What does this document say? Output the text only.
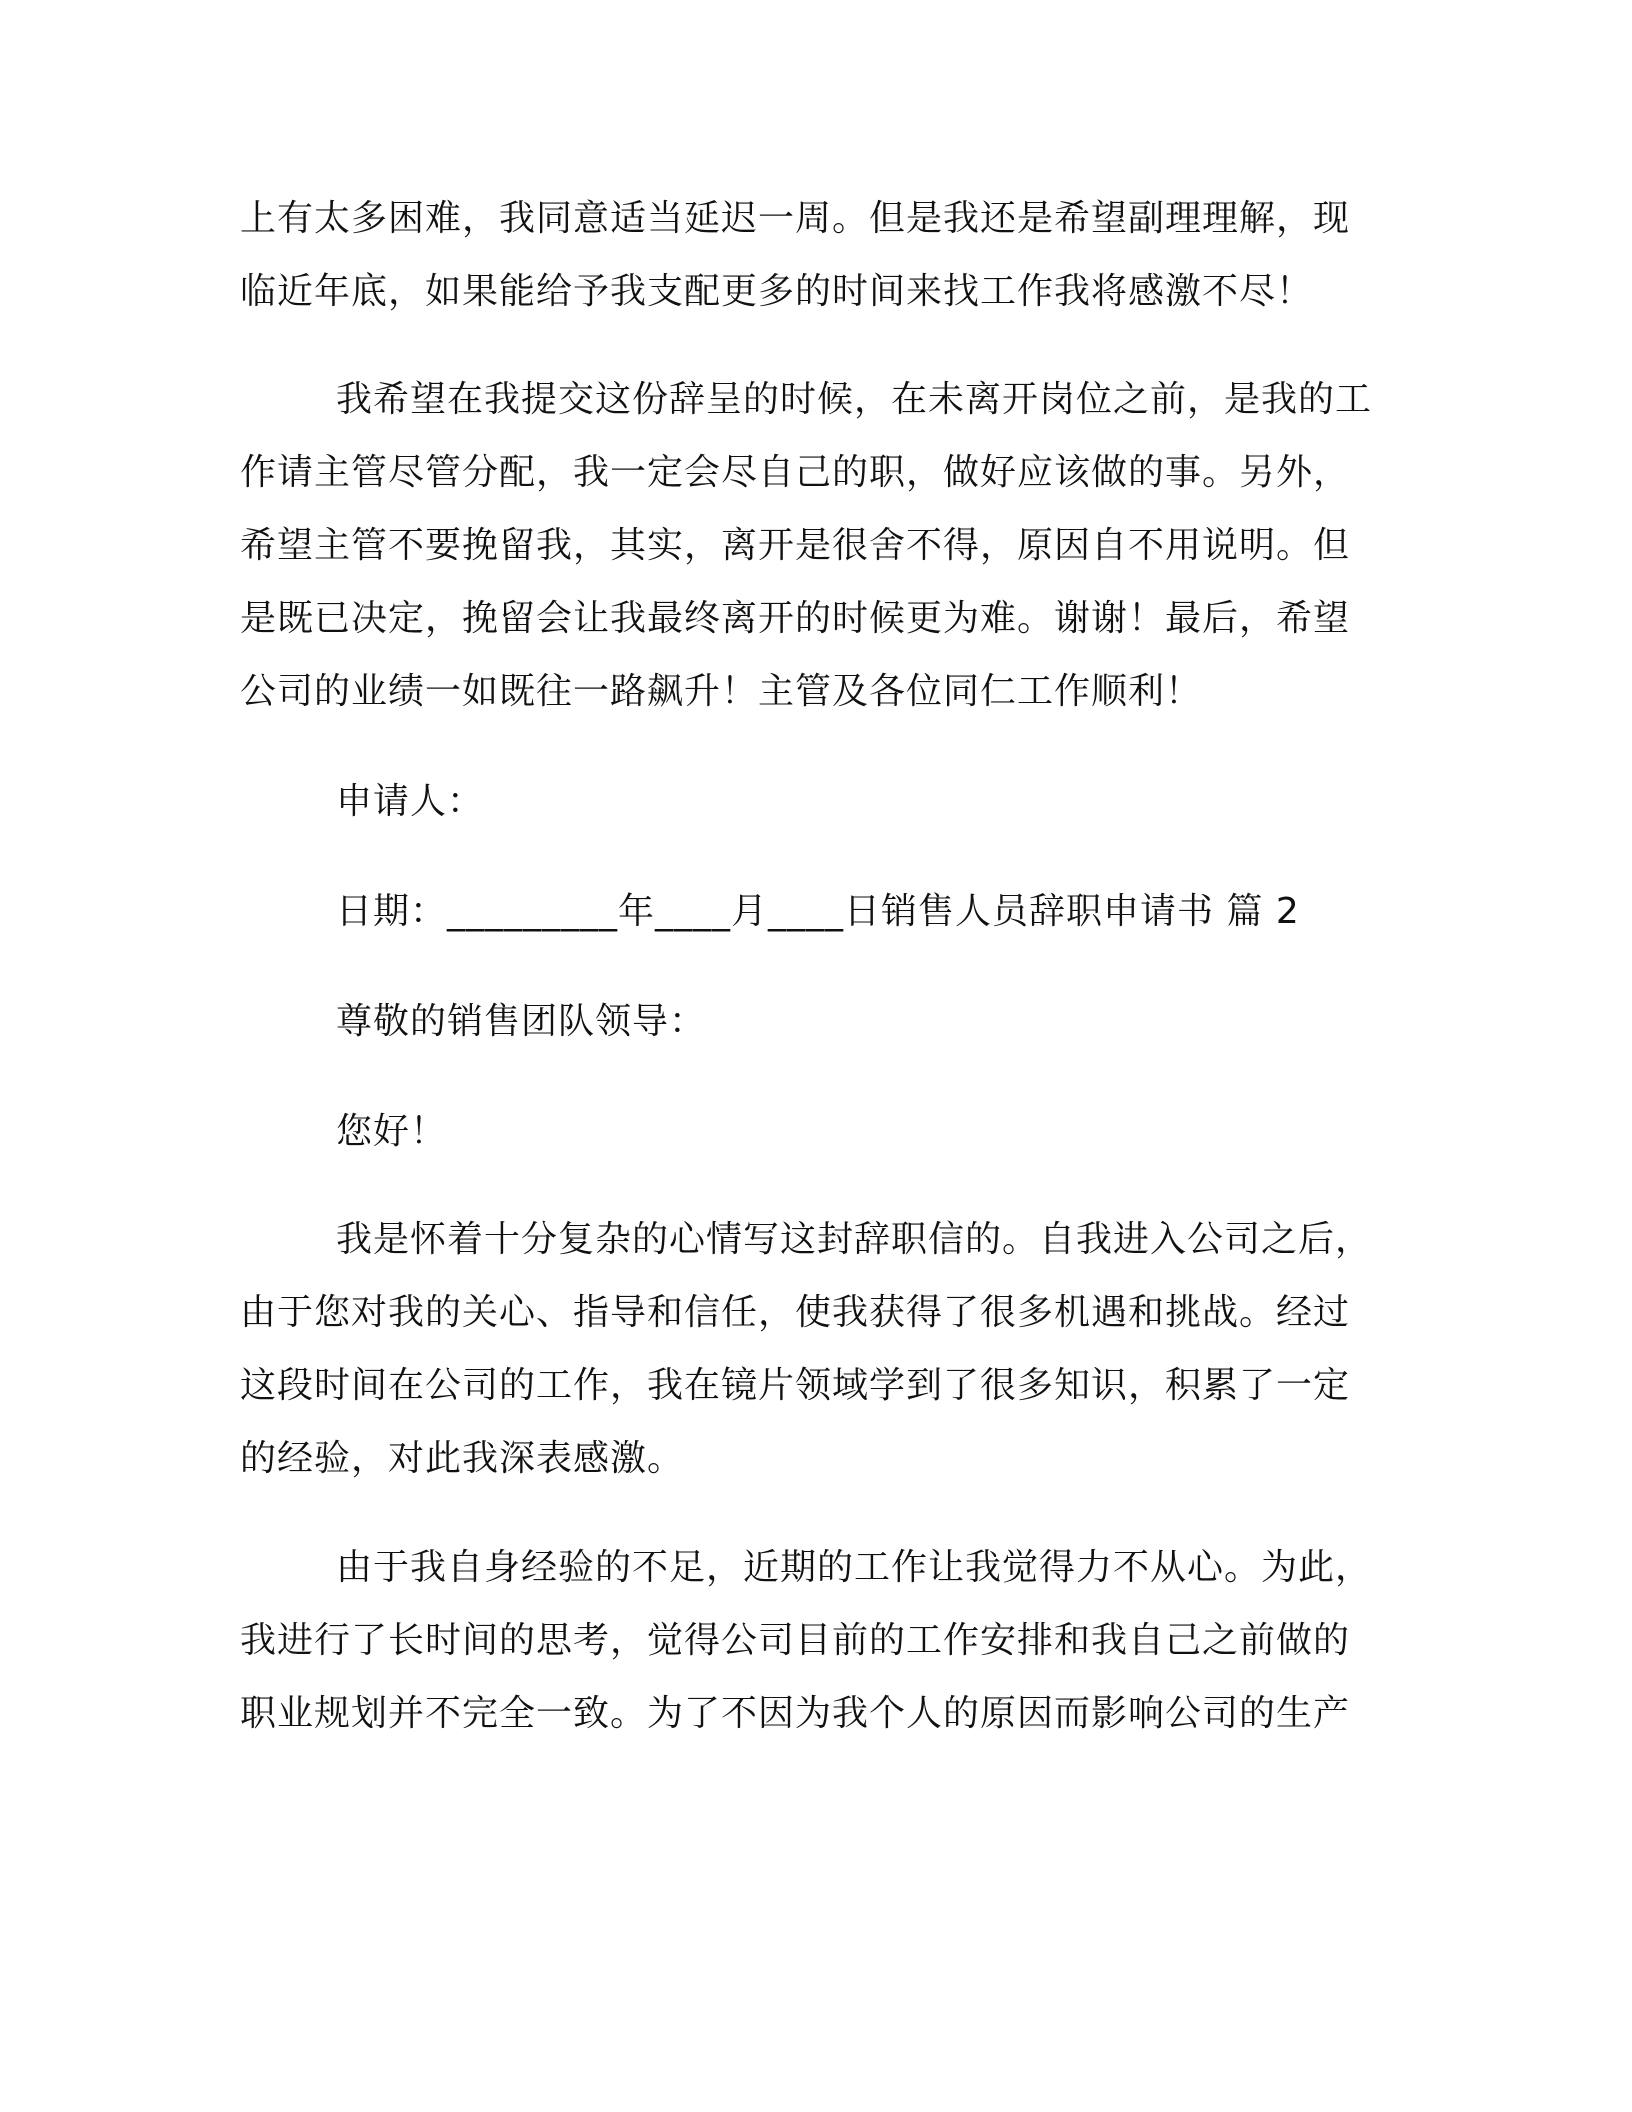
上有太多困难，我同意适当延迟一周。但是我还是希望副理理解，现

临近年底，如果能给予我支配更多的时间来找工作我将感激不尽！

我希望在我提交这份辞呈的时候，在未离开岗位之前，是我的工

作请主管尽管分配，我一定会尽自己的职，做好应该做的事。另外，

希望主管不要挽留我，其实，离开是很舍不得，原因自不用说明。但

是既已决定，挽留会让我最终离开的时候更为难。谢谢！最后，希望

公司的业绩一如既往一路飙升！主管及各位同仁工作顺利！

申请人：

日期：_________年____月____日销售人员辞职申请书 篇 2

尊敬的销售团队领导：

您好！

我是怀着十分复杂的心情写这封辞职信的。自我进入公司之后，

由于您对我的关心、指导和信任，使我获得了很多机遇和挑战。经过

这段时间在公司的工作，我在镜片领域学到了很多知识，积累了一定

的经验，对此我深表感激。

由于我自身经验的不足，近期的工作让我觉得力不从心。为此，

我进行了长时间的思考，觉得公司目前的工作安排和我自己之前做的

职业规划并不完全一致。为了不因为我个人的原因而影响公司的生产
